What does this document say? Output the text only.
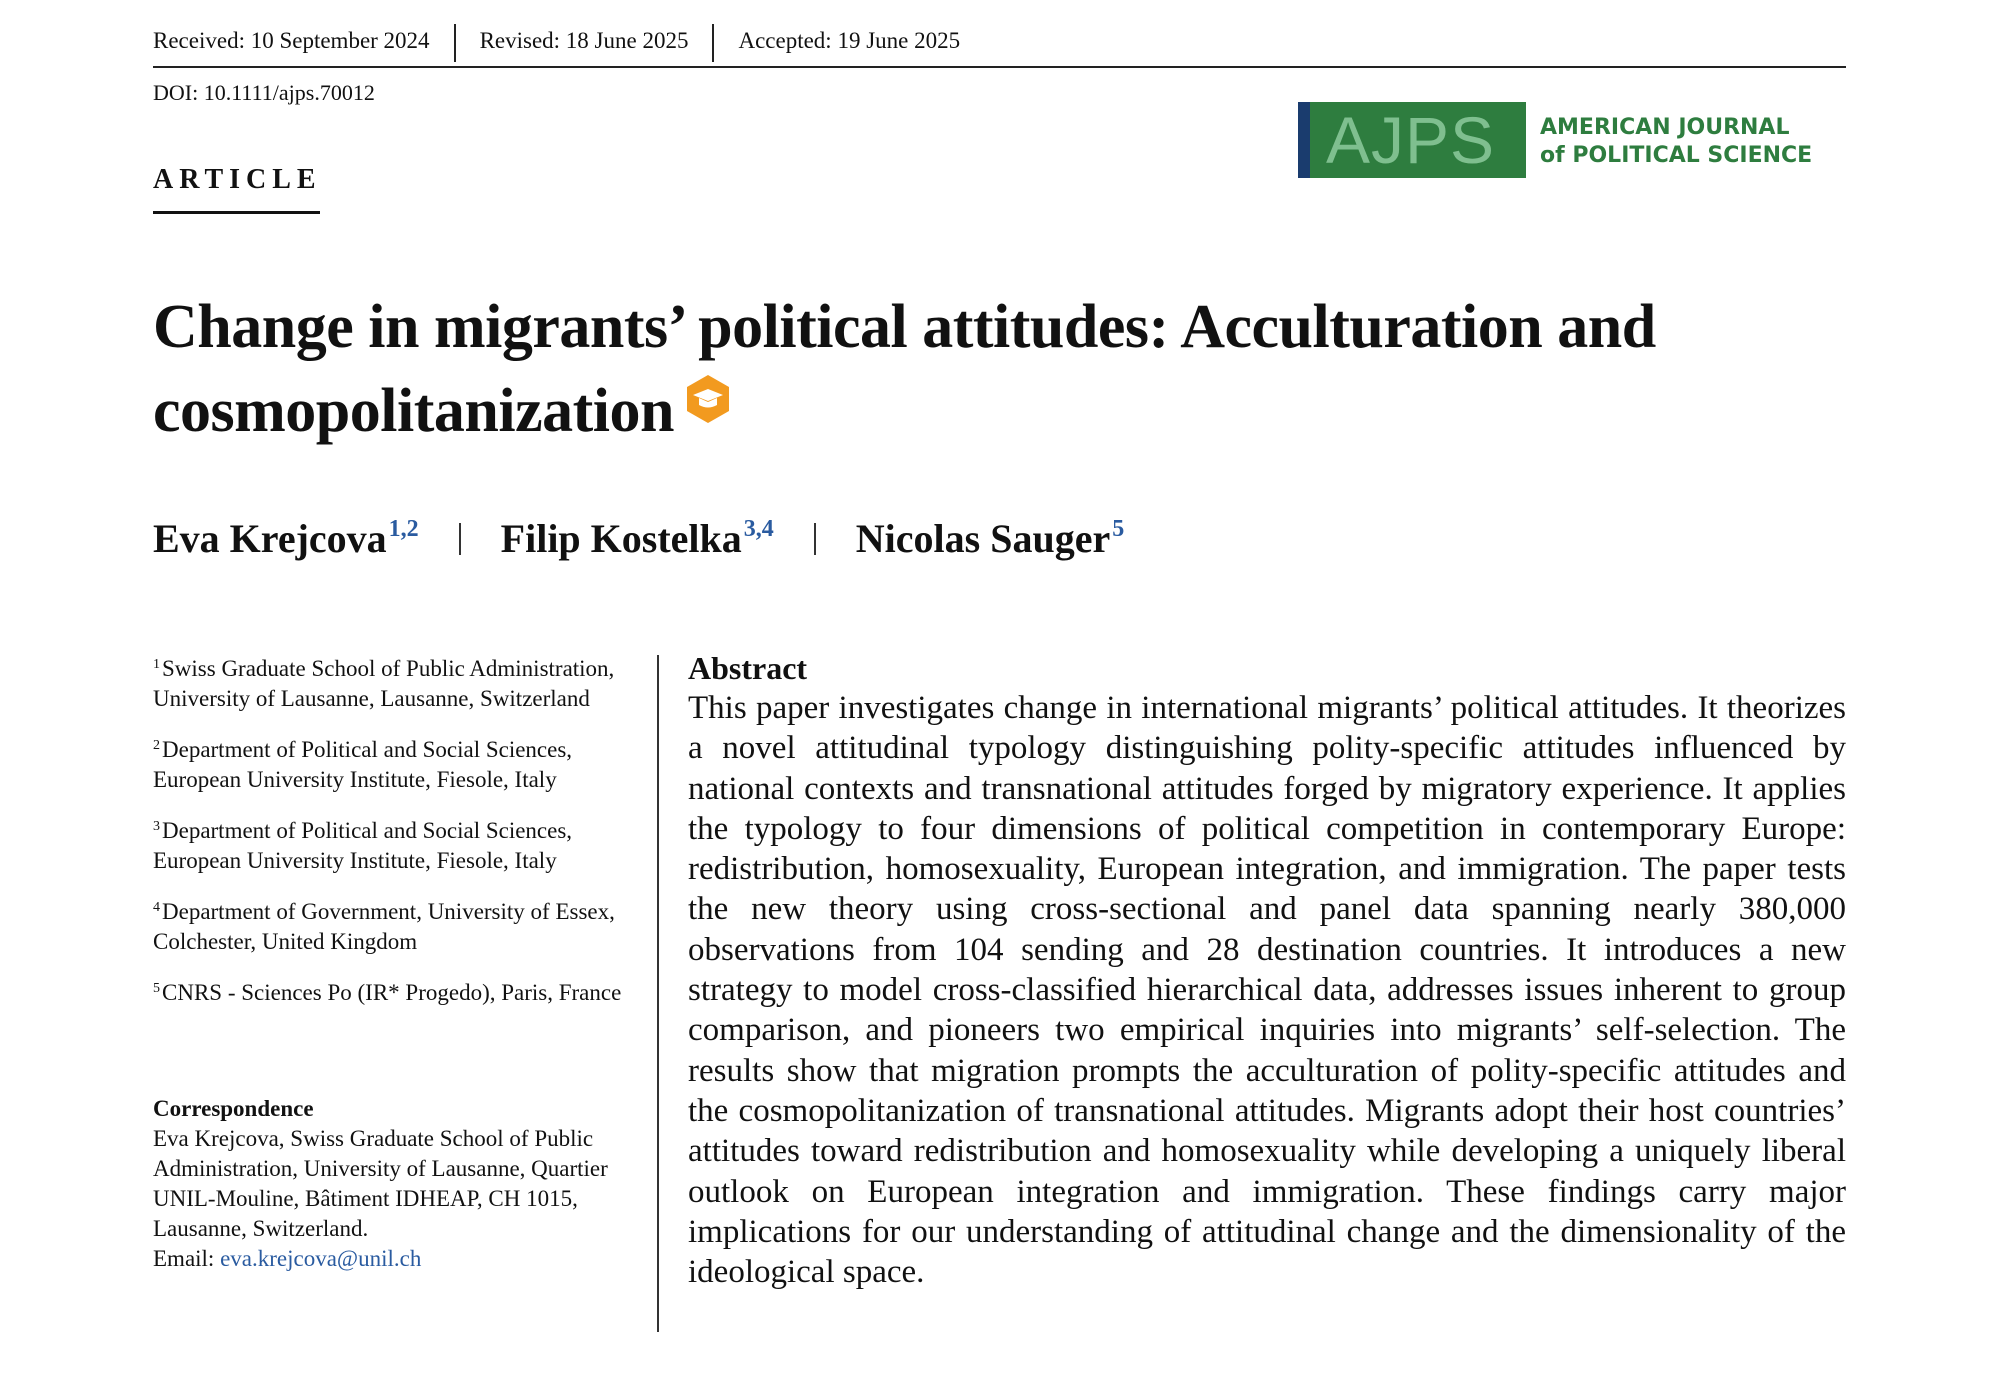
Received: 10 September 2024	Revised: 18 June 2025	Accepted: 19 June 2025
DOI: 10.1111/ajps.70012
ARTICLE
AJPS AMERICAN JOURNAL
of POLITICAL SCIENCE
Change in migrants’ political attitudes: Acculturation and
cosmopolitanization
Eva Krejcova$^{1,2}$ Filip Kostelka$^{3,4}$ Nicolas Sauger$^5$
$^1$Swiss Graduate School of Public Administration, University of Lausanne, Lausanne, Switzerland
$^2$Department of Political and Social Sciences, European University Institute, Fiesole, Italy
$^3$Department of Political and Social Sciences, European University Institute, Fiesole, Italy
$^4$Department of Government, University of Essex, Colchester, United Kingdom
$^5$CNRS - Sciences Po (IR* Progedo), Paris, France
Correspondence
Eva Krejcova, Swiss Graduate School of Public Administration, University of Lausanne, Quartier UNIL-Mouline, Bâtiment IDHEAP, CH 1015, Lausanne, Switzerland.
Email: eva.krejcova@unil.ch
Abstract
This paper investigates change in international migrants’ political attitudes. It theorizes a novel attitudinal typology distinguishing polity-specific attitudes influenced by national contexts and transnational attitudes forged by migratory experience. It applies the typology to four dimensions of political competition in contemporary Europe: redistribution, homosexuality, European integration, and immigration. The paper tests the new theory using cross-sectional and panel data spanning nearly 380,000 observations from 104 sending and 28 destination countries. It introduces a new strategy to model cross-classified hierarchical data, addresses issues inherent to group comparison, and pioneers two empirical inquiries into migrants’ self-selection. The results show that migration prompts the acculturation of polity-specific attitudes and the cosmopolitanization of transnational attitudes. Migrants adopt their host countries’ attitudes toward redistribution and homosexuality while developing a uniquely liberal outlook on European integration and immigration. These findings carry major implications for our understanding of attitudinal change and the dimensionality of the ideological space.
